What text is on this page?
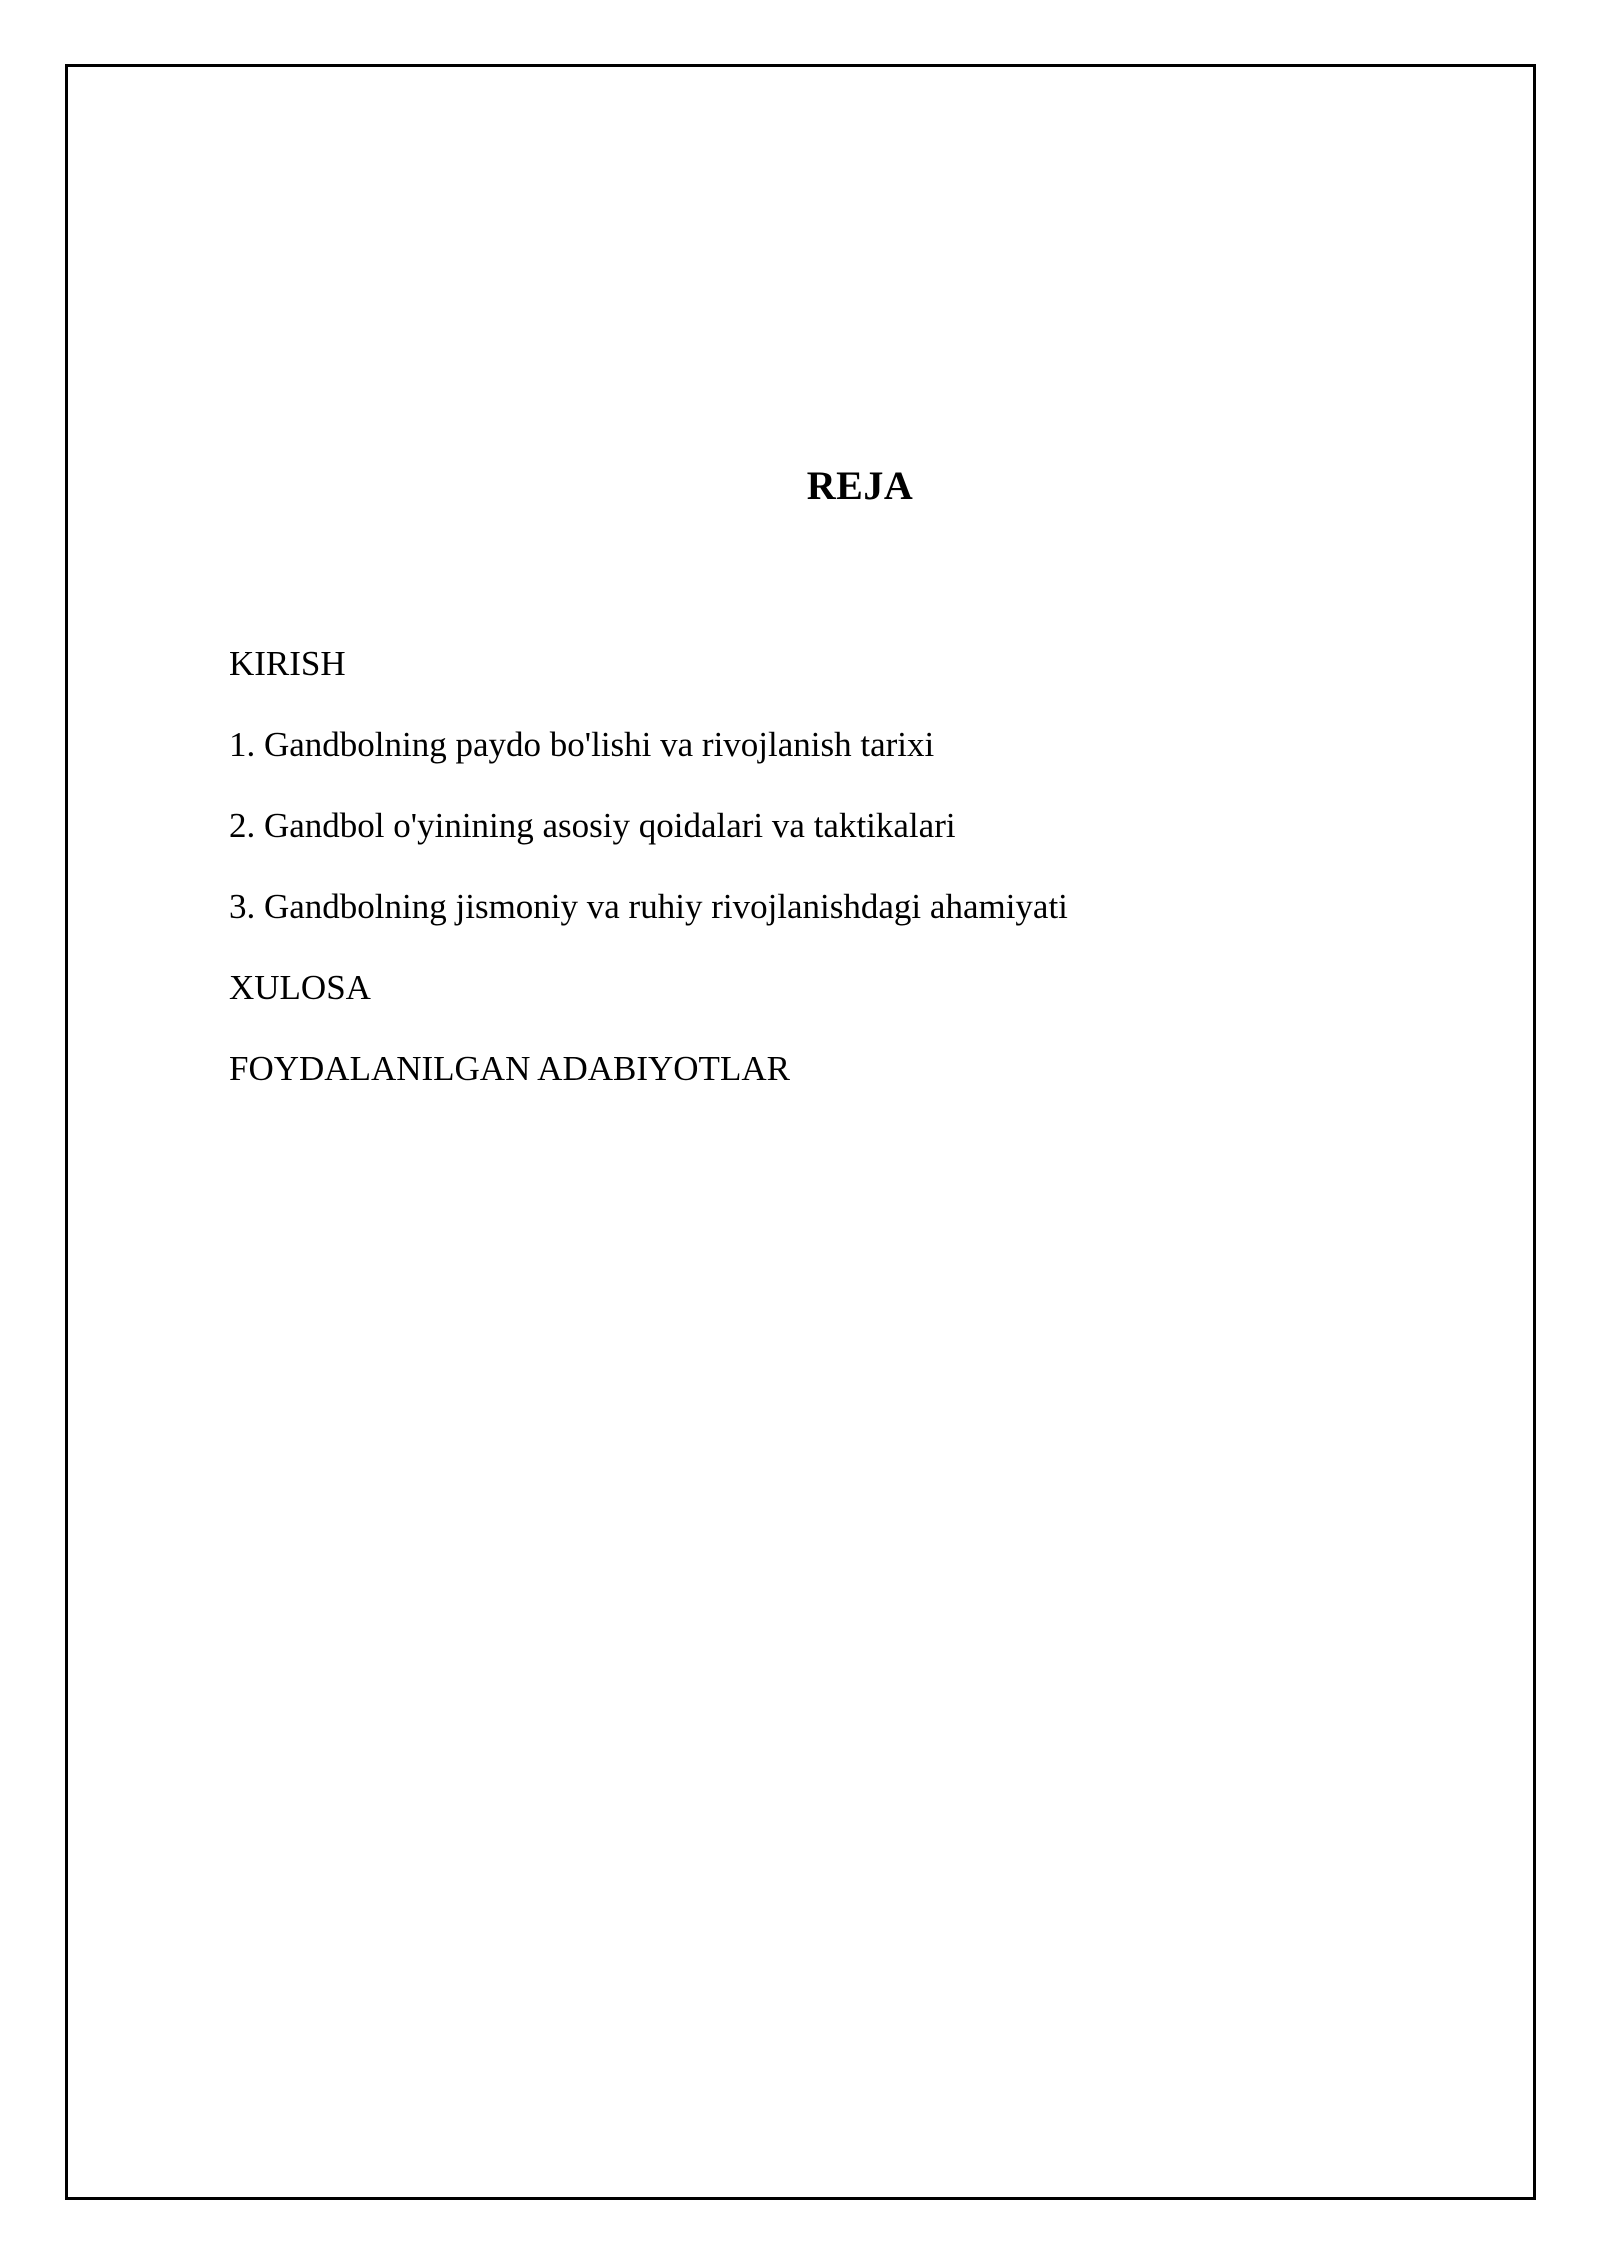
REJA
KIRISH
1. Gandbolning paydo bo'lishi va rivojlanish tarixi
2. Gandbol o'yinining asosiy qoidalari va taktikalari
3. Gandbolning jismoniy va ruhiy rivojlanishdagi ahamiyati
XULOSA
FOYDALANILGAN ADABIYOTLAR
